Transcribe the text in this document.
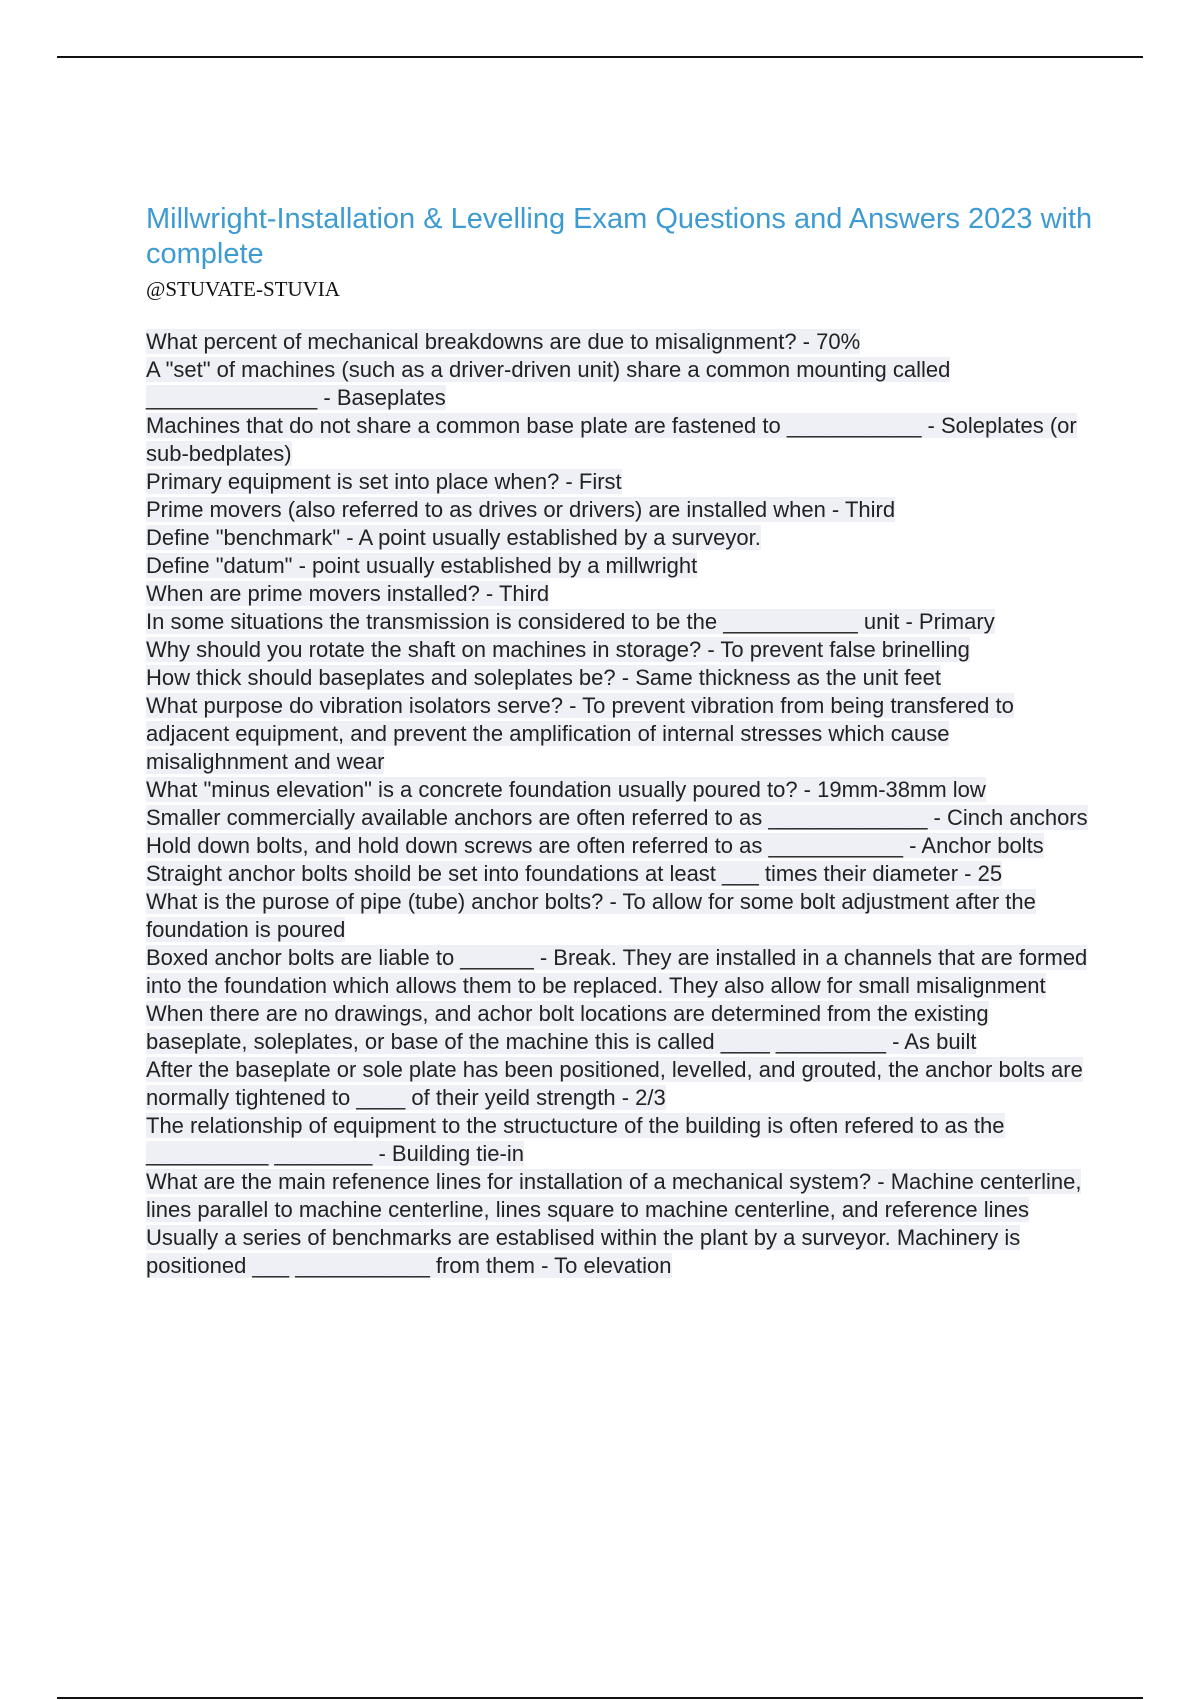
Millwright-Installation & Levelling Exam Questions and Answers 2023 with complete
@STUVATE-STUVIA
What percent of mechanical breakdowns are due to misalignment? - 70%
A "set" of machines (such as a driver-driven unit) share a common mounting called ______________ - Baseplates
Machines that do not share a common base plate are fastened to ___________ - Soleplates (or sub-bedplates)
Primary equipment is set into place when? - First
Prime movers (also referred to as drives or drivers) are installed when - Third
Define "benchmark" - A point usually established by a surveyor.
Define "datum" - point usually established by a millwright
When are prime movers installed? - Third
In some situations the transmission is considered to be the ___________ unit - Primary
Why should you rotate the shaft on machines in storage? - To prevent false brinelling
How thick should baseplates and soleplates be? - Same thickness as the unit feet
What purpose do vibration isolators serve? - To prevent vibration from being transfered to adjacent equipment, and prevent the amplification of internal stresses which cause misalighnment and wear
What "minus elevation" is a concrete foundation usually poured to? - 19mm-38mm low
Smaller commercially available anchors are often referred to as _____________ - Cinch anchors
Hold down bolts, and hold down screws are often referred to as ___________ - Anchor bolts
Straight anchor bolts shoild be set into foundations at least ___ times their diameter - 25
What is the purose of pipe (tube) anchor bolts? - To allow for some bolt adjustment after the foundation is poured
Boxed anchor bolts are liable to ______ - Break. They are installed in a channels that are formed into the foundation which allows them to be replaced. They also allow for small misalignment
When there are no drawings, and achor bolt locations are determined from the existing baseplate, soleplates, or base of the machine this is called ____ _________ - As built
After the baseplate or sole plate has been positioned, levelled, and grouted, the anchor bolts are normally tightened to ____ of their yeild strength - 2/3
The relationship of equipment to the structucture of the building is often refered to as the __________ ________ - Building tie-in
What are the main refenence lines for installation of a mechanical system? - Machine centerline, lines parallel to machine centerline, lines square to machine centerline, and reference lines
Usually a series of benchmarks are establised within the plant by a surveyor. Machinery is positioned ___ ___________ from them - To elevation
